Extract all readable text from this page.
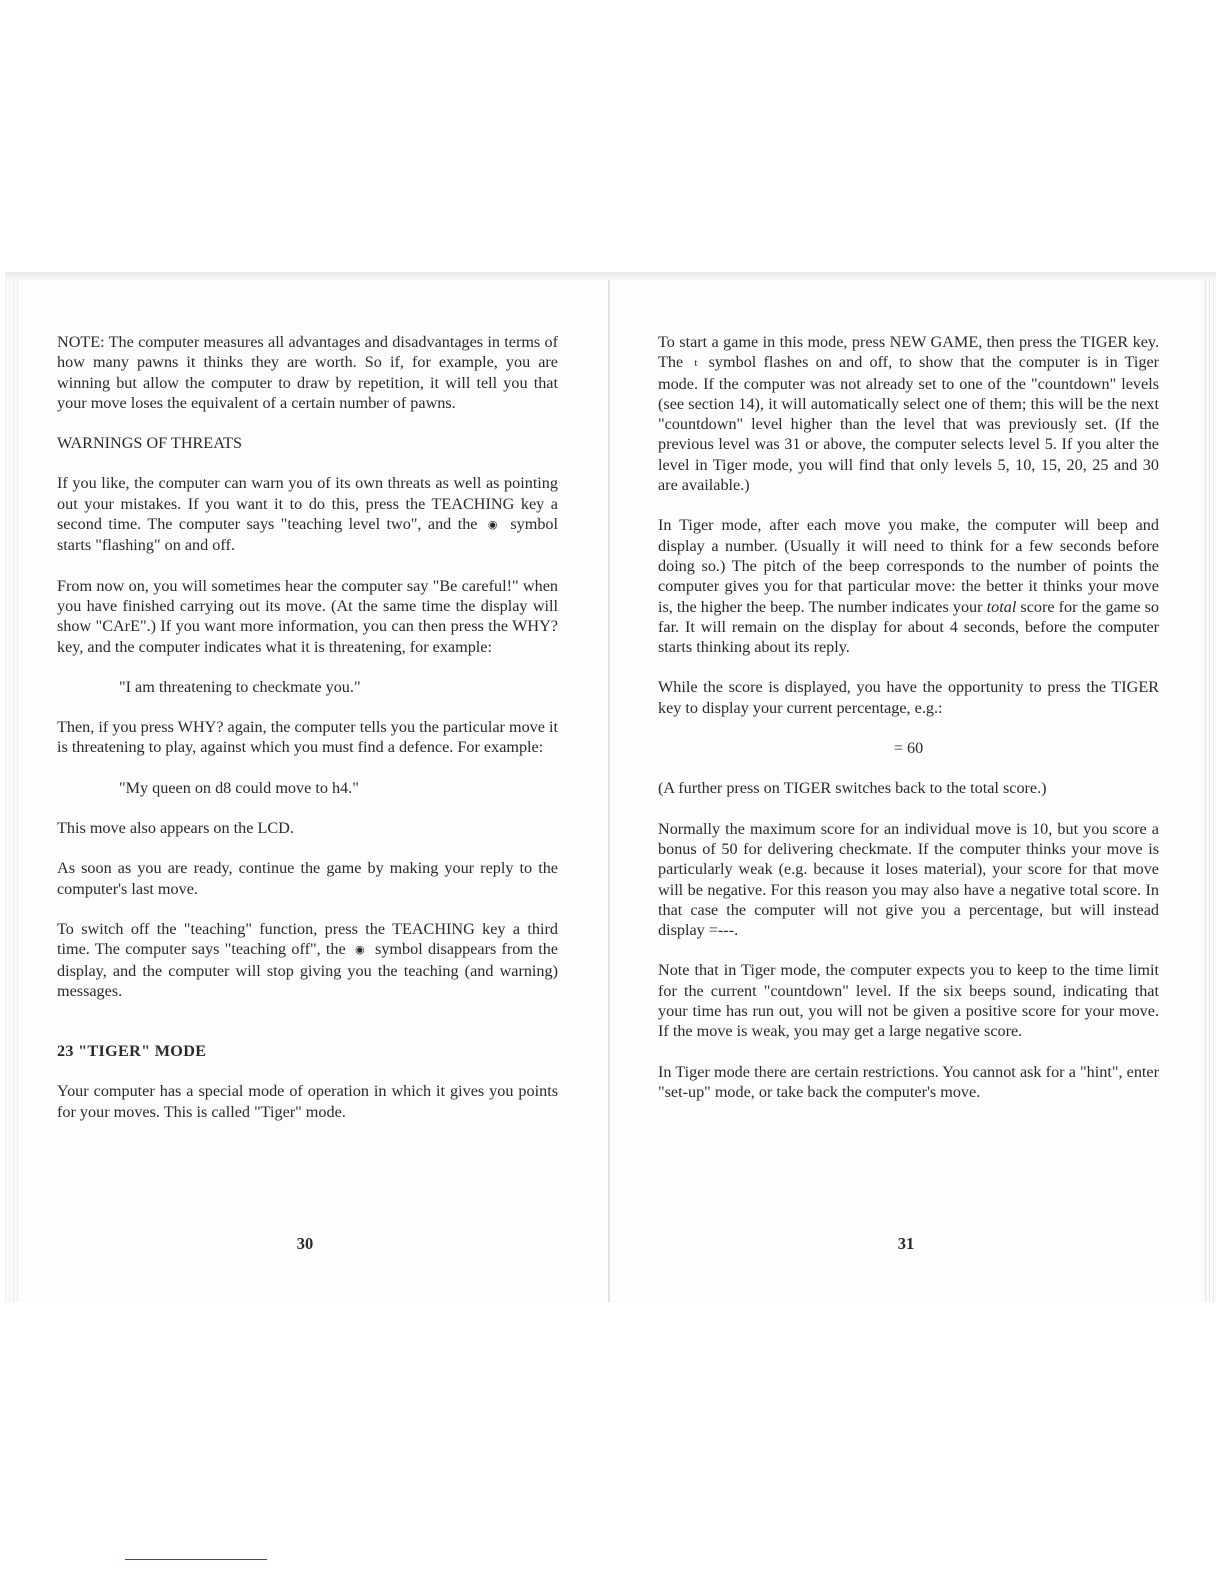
NOTE: The computer measures all advantages and disadvantages in terms of how many pawns it thinks they are worth. So if, for example, you are winning but allow the computer to draw by repetition, it will tell you that your move loses the equivalent of a certain number of pawns.

WARNINGS OF THREATS

If you like, the computer can warn you of its own threats as well as pointing out your mistakes. If you want it to do this, press the TEACHING key a second time. The computer says "teaching level two", and the ◉ symbol starts "flashing" on and off.

From now on, you will sometimes hear the computer say "Be careful!" when you have finished carrying out its move. (At the same time the display will show "CArE".) If you want more information, you can then press the WHY? key, and the computer indicates what it is threatening, for example:

"I am threatening to checkmate you."

Then, if you press WHY? again, the computer tells you the particular move it is threatening to play, against which you must find a defence. For example:

"My queen on d8 could move to h4."

This move also appears on the LCD.

As soon as you are ready, continue the game by making your reply to the computer's last move.

To switch off the "teaching" function, press the TEACHING key a third time. The computer says "teaching off", the ◉ symbol disappears from the display, and the computer will stop giving you the teaching (and warning) messages.

23 "TIGER" MODE

Your computer has a special mode of operation in which it gives you points for your moves. This is called "Tiger" mode.

30

To start a game in this mode, press NEW GAME, then press the TIGER key. The t symbol flashes on and off, to show that the computer is in Tiger mode. If the computer was not already set to one of the "countdown" levels (see section 14), it will automatically select one of them; this will be the next "countdown" level higher than the level that was previously set. (If the previous level was 31 or above, the computer selects level 5. If you alter the level in Tiger mode, you will find that only levels 5, 10, 15, 20, 25 and 30 are available.)

In Tiger mode, after each move you make, the computer will beep and display a number. (Usually it will need to think for a few seconds before doing so.) The pitch of the beep corresponds to the number of points the computer gives you for that particular move: the better it thinks your move is, the higher the beep. The number indicates your total score for the game so far. It will remain on the display for about 4 seconds, before the computer starts thinking about its reply.

While the score is displayed, you have the opportunity to press the TIGER key to display your current percentage, e.g.:

= 60

(A further press on TIGER switches back to the total score.)

Normally the maximum score for an individual move is 10, but you score a bonus of 50 for delivering checkmate. If the computer thinks your move is particularly weak (e.g. because it loses material), your score for that move will be negative. For this reason you may also have a negative total score. In that case the computer will not give you a percentage, but will instead display =---.

Note that in Tiger mode, the computer expects you to keep to the time limit for the current "countdown" level. If the six beeps sound, indicating that your time has run out, you will not be given a positive score for your move. If the move is weak, you may get a large negative score.

In Tiger mode there are certain restrictions. You cannot ask for a "hint", enter "set-up" mode, or take back the computer's move.

31
